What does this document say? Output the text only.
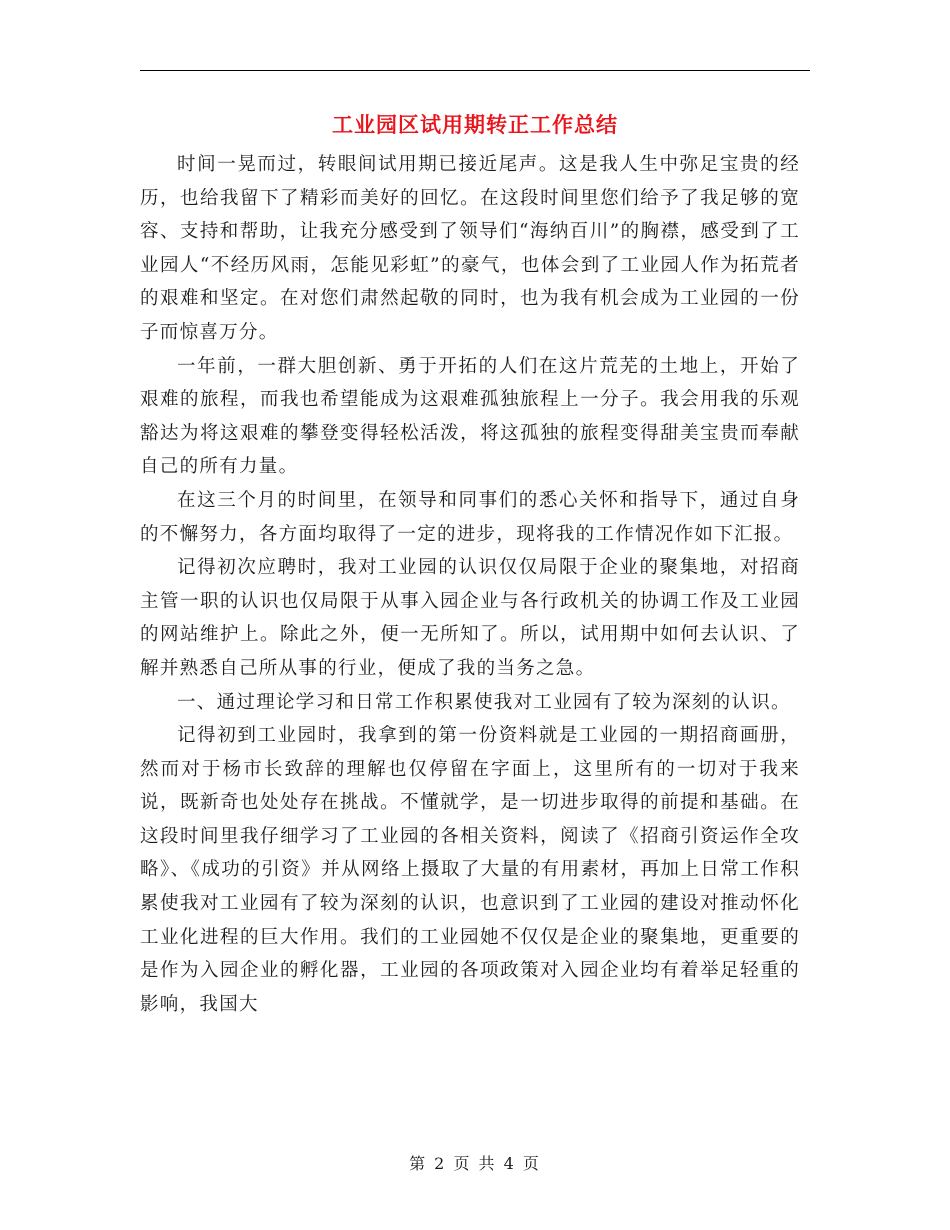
工业园区试用期转正工作总结

时间一晃而过，转眼间试用期已接近尾声。这是我人生中弥足宝贵的经历，也给我留下了精彩而美好的回忆。在这段时间里您们给予了我足够的宽容、支持和帮助，让我充分感受到了领导们“海纳百川”的胸襟，感受到了工业园人“不经历风雨，怎能见彩虹”的豪气，也体会到了工业园人作为拓荒者的艰难和坚定。在对您们肃然起敬的同时，也为我有机会成为工业园的一份子而惊喜万分。

一年前，一群大胆创新、勇于开拓的人们在这片荒芜的土地上，开始了艰难的旅程，而我也希望能成为这艰难孤独旅程上一分子。我会用我的乐观豁达为将这艰难的攀登变得轻松活泼，将这孤独的旅程变得甜美宝贵而奉献自己的所有力量。

在这三个月的时间里，在领导和同事们的悉心关怀和指导下，通过自身的不懈努力，各方面均取得了一定的进步，现将我的工作情况作如下汇报。

记得初次应聘时，我对工业园的认识仅仅局限于企业的聚集地，对招商主管一职的认识也仅局限于从事入园企业与各行政机关的协调工作及工业园的网站维护上。除此之外，便一无所知了。所以，试用期中如何去认识、了解并熟悉自己所从事的行业，便成了我的当务之急。

一、通过理论学习和日常工作积累使我对工业园有了较为深刻的认识。

记得初到工业园时，我拿到的第一份资料就是工业园的一期招商画册，然而对于杨市长致辞的理解也仅停留在字面上，这里所有的一切对于我来说，既新奇也处处存在挑战。不懂就学，是一切进步取得的前提和基础。在这段时间里我仔细学习了工业园的各相关资料，阅读了《招商引资运作全攻略》、《成功的引资》并从网络上摄取了大量的有用素材，再加上日常工作积累使我对工业园有了较为深刻的认识，也意识到了工业园的建设对推动怀化工业化进程的巨大作用。我们的工业园她不仅仅是企业的聚集地，更重要的是作为入园企业的孵化器，工业园的各项政策对入园企业均有着举足轻重的影响，我国大

第 2 页 共 4 页
